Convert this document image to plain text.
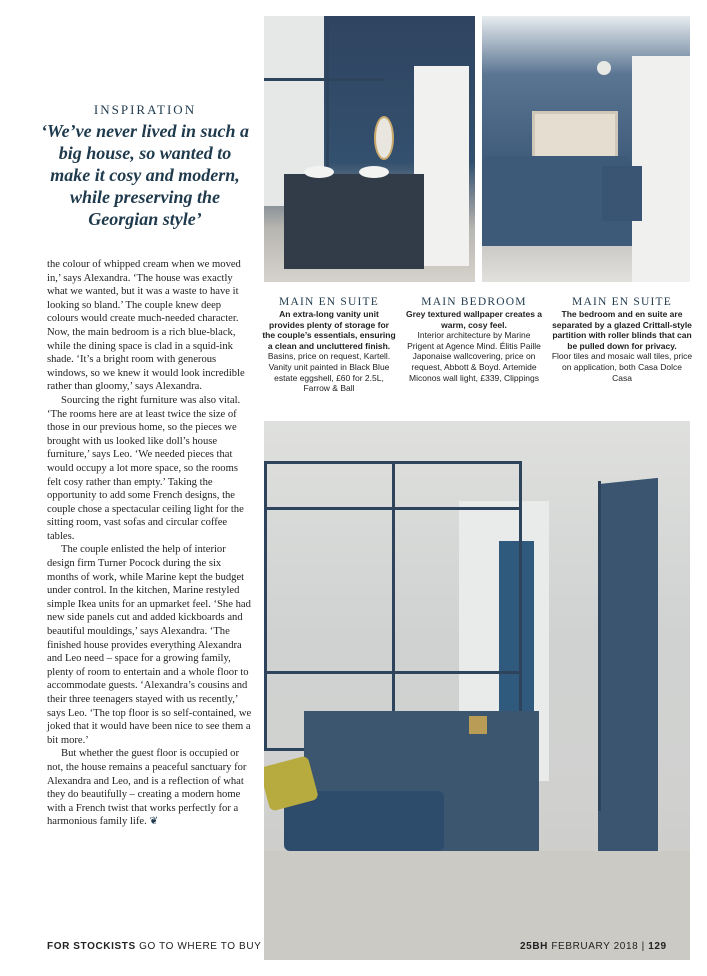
INSPIRATION
‘We’ve never lived in such a big house, so wanted to make it cosy and modern, while preserving the Georgian style’

the colour of whipped cream when we moved in,’ says Alexandra. ‘The house was exactly what we wanted, but it was a waste to have it looking so bland.’ The couple knew deep colours would create much-needed character. Now, the main bedroom is a rich blue-black, while the dining space is clad in a squid-ink shade. ‘It’s a bright room with generous windows, so we knew it would look incredible rather than gloomy,’ says Alexandra.

Sourcing the right furniture was also vital. ‘The rooms here are at least twice the size of those in our previous home, so the pieces we brought with us looked like doll’s house furniture,’ says Leo. ‘We needed pieces that would occupy a lot more space, so the rooms felt cosy rather than empty.’ Taking the opportunity to add some French designs, the couple chose a spectacular ceiling light for the sitting room, vast sofas and circular coffee tables.

The couple enlisted the help of interior design firm Turner Pocock during the six months of work, while Marine kept the budget under control. In the kitchen, Marine restyled simple Ikea units for an upmarket feel. ‘She had new side panels cut and added kickboards and beautiful mouldings,’ says Alexandra. ‘The finished house provides everything Alexandra and Leo need – space for a growing family, plenty of room to entertain and a whole floor to accommodate guests. ‘Alexandra’s cousins and their three teenagers stayed with us recently,’ says Leo. ‘The top floor is so self-contained, we joked that it would have been nice to see them a bit more.’

But whether the guest floor is occupied or not, the house remains a peaceful sanctuary for Alexandra and Leo, and is a reflection of what they do beautifully – creating a modern home with a French twist that works perfectly for a harmonious family life. ❦

MAIN EN SUITE
An extra-long vanity unit provides plenty of storage for the couple’s essentials, ensuring a clean and uncluttered finish.
Basins, price on request, Kartell. Vanity unit painted in Black Blue estate eggshell, £60 for 2.5L, Farrow & Ball
MAIN BEDROOM
Grey textured wallpaper creates a warm, cosy feel.
Interior architecture by Marine Prigent at Agence Mind. Élitis Paille Japonaise wallcovering, price on request, Abbott & Boyd. Artemide Miconos wall light, £339, Clippings
MAIN EN SUITE
The bedroom and en suite are separated by a glazed Crittall-style partition with roller blinds that can be pulled down for privacy.
Floor tiles and mosaic wall tiles, price on application, both Casa Dolce Casa
FOR STOCKISTS GO TO WHERE TO BUY	25BH FEBRUARY 2018 | 129
